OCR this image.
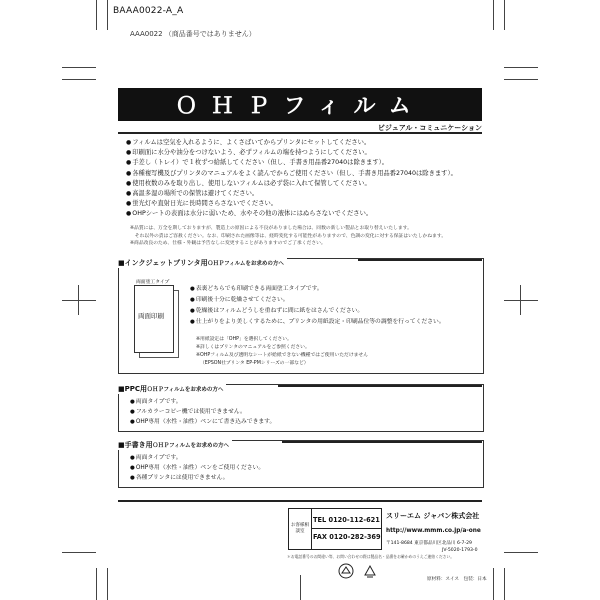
BAAA0022-A_A
AAA0022 （商品番号ではありません）
ＯＨＰフィルム
ビジュアル・コミュニケーション
● フィルムは空気を入れるように、よくさばいてからプリンタにセットしてください。
● 印刷面に水分や油分をつけないよう、必ずフィルムの端を持つようにしてください。
● 手差し（トレイ）で１枚ずつ給紙してください（但し、手書き用品番27040は除きます）。
● 各種複写機及びプリンタのマニュアルをよく読んでからご使用ください（但し、手書き用品番27040は除きます）。
● 使用枚数のみを取り出し、使用しないフィルムは必ず袋に入れて保管してください。
● 高温多湿の場所での保管は避けてください。
● 蛍光灯や直射日光に長時間さらさないでください。
● OHPシートの表面は水分に弱いため、水やその他の液体にはぬらさないでください。
※品質には、万全を期しておりますが、製造上の原因による不良がありました場合は、同数の新しい製品とお取り替えいたします。
　それ以外の責はご容赦ください。なお、印刷された画像等は、経時変化する可能性がありますので、色調の変化に対する保証はいたしかねます。
※商品改良のため、仕様・外観は予告なしに変更することがありますのでご了承ください。
■インクジェットプリンタ用ＯＨＰフィルムをお求めの方へ
両面印刷
両面塗工タイプ
● 表裏どちらでも印刷できる両面塗工タイプです。
● 印刷後十分に乾燥させてください。
● 乾燥後はフィルムどうしを重ねずに間に紙をはさんでください。
● 仕上がりをより美しくするために、プリンタの用紙設定・印刷品位等の調整を行ってください。
※用紙設定は「OHP」を選択してください。
※詳しくはプリンタのマニュアルをご参照ください。
※OHPフィルム及び透明なシートが給紙できない機種ではご使用いただけません
（EPSON社プリンタ EP-PMシリーズの一部など）
■PPC用ＯＨＰフィルムをお求めの方へ
● 両面タイプです。
● フルカラーコピー機では使用できません。
● OHP専用（水性・油性）ペンにて書き込みできます。
■手書き用ＯＨＰフィルムをお求めの方へ
● 両面タイプです。
● OHP専用（水性・油性）ペンをご使用ください。
● 各種プリンタには使用できません。
お客様相談室
TEL 0120-112-621
FAX 0120-282-369
スリーエム ジャパン株式会社
http://www.mmm.co.jp/a-one
〒141-8684 東京都品川区北品川 6-7-29
JV-5020-1793-0
＊お電話番号のお間違い等、お問い合わせの際は製品名・品番をお確かめのうえご連絡ください。
原材料：スイス　包装：日本
